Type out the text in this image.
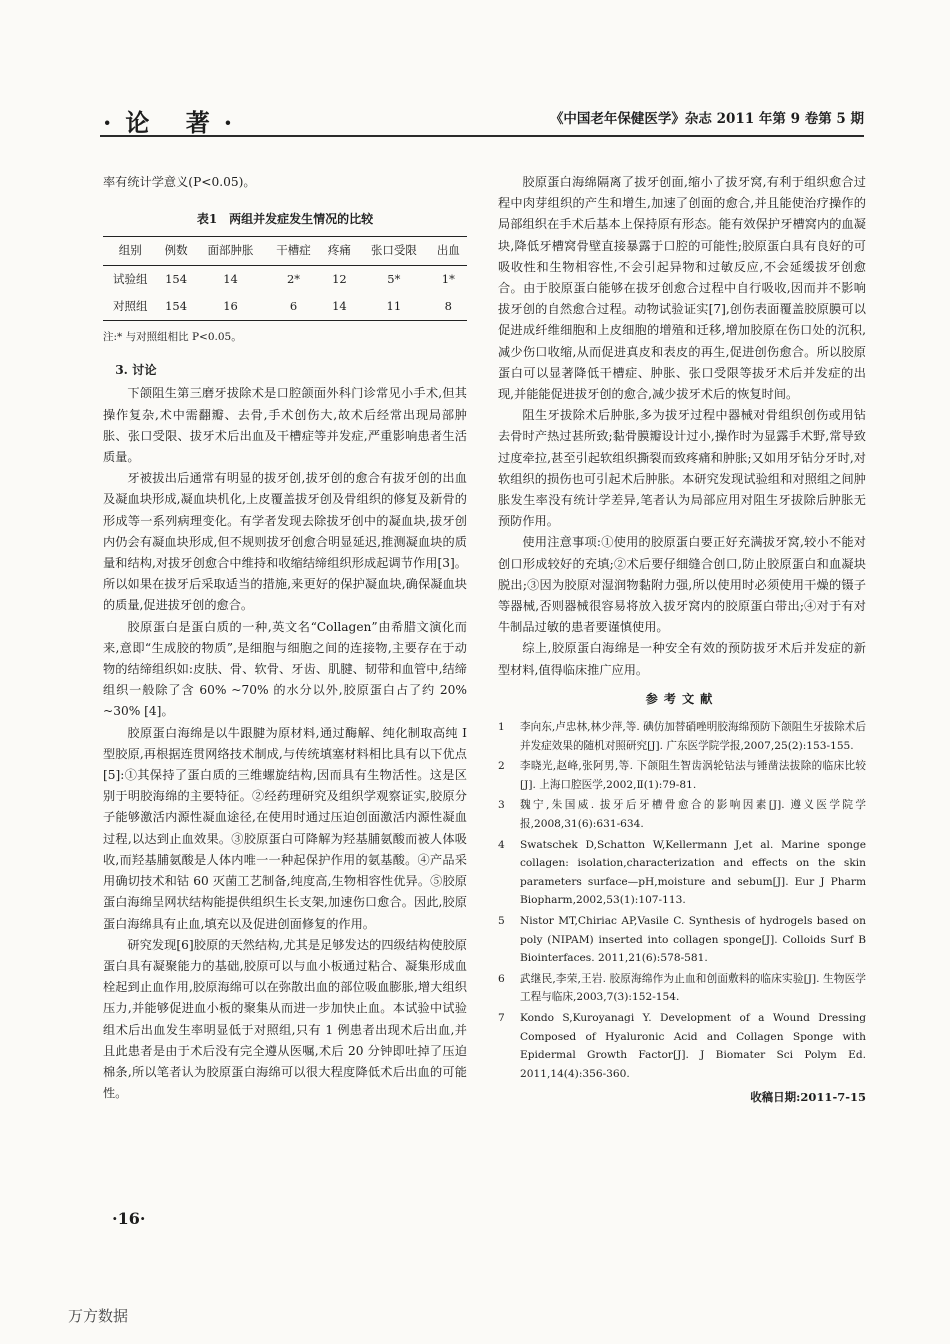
·论 著·	《中国老年保健医学》杂志 2011 年第 9 卷第 5 期

率有统计学意义(P<0.05)。

表1　两组并发症发生情况的比较
组别	例数	面部肿胀	干槽症	疼痛	张口受限	出血
试验组	154	14	2*	12	5*	1*
对照组	154	16	6	14	11	8
注:* 与对照组相比 P<0.05。
3. 讨论

下颌阻生第三磨牙拔除术是口腔颌面外科门诊常见小手术,但其操作复杂,术中需翻瓣、去骨,手术创伤大,故术后经常出现局部肿胀、张口受限、拔牙术后出血及干槽症等并发症,严重影响患者生活质量。

牙被拔出后通常有明显的拔牙创,拔牙创的愈合有拔牙创的出血及凝血块形成,凝血块机化,上皮覆盖拔牙创及骨组织的修复及新骨的形成等一系列病理变化。有学者发现去除拔牙创中的凝血块,拔牙创内仍会有凝血块形成,但不规则拔牙创愈合明显延迟,推测凝血块的质量和结构,对拔牙创愈合中维持和收缩结缔组织形成起调节作用[3]。所以如果在拔牙后采取适当的措施,来更好的保护凝血块,确保凝血块的质量,促进拔牙创的愈合。

胶原蛋白是蛋白质的一种,英文名“Collagen”由希腊文演化而来,意即“生成胶的物质”,是细胞与细胞之间的连接物,主要存在于动物的结缔组织如:皮肤、骨、软骨、牙齿、肌腱、韧带和血管中,结缔组织一般除了含 60% ~70% 的水分以外,胶原蛋白占了约 20% ~30% [4]。

胶原蛋白海绵是以牛跟腱为原材料,通过酶解、纯化制取高纯 I 型胶原,再根据连贯网络技术制成,与传统填塞材料相比具有以下优点[5]:①其保持了蛋白质的三维螺旋结构,因而具有生物活性。这是区别于明胶海绵的主要特征。②经药理研究及组织学观察证实,胶原分子能够激活内源性凝血途径,在使用时通过压迫创面激活内源性凝血过程,以达到止血效果。③胶原蛋白可降解为羟基脯氨酸而被人体吸收,而羟基脯氨酸是人体内唯一一种起保护作用的氨基酸。④产品采用确切技术和钴 60 灭菌工艺制备,纯度高,生物相容性优异。⑤胶原蛋白海绵呈网状结构能提供组织生长支架,加速伤口愈合。因此,胶原蛋白海绵具有止血,填充以及促进创面修复的作用。

研究发现[6]胶原的天然结构,尤其是足够发达的四级结构使胶原蛋白具有凝聚能力的基础,胶原可以与血小板通过粘合、凝集形成血栓起到止血作用,胶原海绵可以在弥散出血的部位吸血膨胀,增大组织压力,并能够促进血小板的聚集从而进一步加快止血。本试验中试验组术后出血发生率明显低于对照组,只有 1 例患者出现术后出血,并且此患者是由于术后没有完全遵从医嘱,术后 20 分钟即吐掉了压迫棉条,所以笔者认为胶原蛋白海绵可以很大程度降低术后出血的可能性。

胶原蛋白海绵隔离了拔牙创面,缩小了拔牙窝,有利于组织愈合过程中肉芽组织的产生和增生,加速了创面的愈合,并且能使治疗操作的局部组织在手术后基本上保持原有形态。能有效保护牙槽窝内的血凝块,降低牙槽窝骨壁直接暴露于口腔的可能性;胶原蛋白具有良好的可吸收性和生物相容性,不会引起异物和过敏反应,不会延缓拔牙创愈合。由于胶原蛋白能够在拔牙创愈合过程中自行吸收,因而并不影响拔牙创的自然愈合过程。动物试验证实[7],创伤表面覆盖胶原膜可以促进成纤维细胞和上皮细胞的增殖和迁移,增加胶原在伤口处的沉积,减少伤口收缩,从而促进真皮和表皮的再生,促进创伤愈合。所以胶原蛋白可以显著降低干槽症、肿胀、张口受限等拔牙术后并发症的出现,并能能促进拔牙创的愈合,减少拔牙术后的恢复时间。

阻生牙拔除术后肿胀,多为拔牙过程中器械对骨组织创伤或用钻去骨时产热过甚所致;黏骨膜瓣设计过小,操作时为显露手术野,常导致过度牵拉,甚至引起软组织撕裂而致疼痛和肿胀;又如用牙钻分牙时,对软组织的损伤也可引起术后肿胀。本研究发现试验组和对照组之间肿胀发生率没有统计学差异,笔者认为局部应用对阻生牙拔除后肿胀无预防作用。

使用注意事项:①使用的胶原蛋白要正好充满拔牙窝,较小不能对创口形成较好的充填;②术后要仔细缝合创口,防止胶原蛋白和血凝块脱出;③因为胶原对湿润物黏附力强,所以使用时必须使用干燥的镊子等器械,否则器械很容易将放入拔牙窝内的胶原蛋白带出;④对于有对牛制品过敏的患者要谨慎使用。

综上,胶原蛋白海绵是一种安全有效的预防拔牙术后并发症的新型材料,值得临床推广应用。

参考文献
1	李向东,卢忠林,林少萍,等. 碘仿加替硝唑明胶海绵预防下颌阻生牙拔除术后并发症效果的随机对照研究[J]. 广东医学院学报,2007,25(2):153-155.
2	李晓光,赵峰,张阿男,等. 下颌阻生智齿涡轮钻法与锤凿法拔除的临床比较[J]. 上海口腔医学,2002,Ⅱ(1):79-81.
3	魏宁,朱国威. 拔牙后牙槽骨愈合的影响因素[J]. 遵义医学院学报,2008,31(6):631-634.
4	Swatschek D,Schatton W,Kellermann J,et al. Marine sponge collagen: isolation,characterization and effects on the skin parameters surface—pH,moisture and sebum[J]. Eur J Pharm Biopharm,2002,53(1):107-113.
5	Nistor MT,Chiriac AP,Vasile C. Synthesis of hydrogels based on poly (NIPAM) inserted into collagen sponge[J]. Colloids Surf B Biointerfaces. 2011,21(6):578-581.
6	武继民,李荣,王岩. 胶原海绵作为止血和创面敷料的临床实验[J]. 生物医学工程与临床,2003,7(3):152-154.
7	Kondo S,Kuroyanagi Y. Development of a Wound Dressing Composed of Hyaluronic Acid and Collagen Sponge with Epidermal Growth Factor[J]. J Biomater Sci Polym Ed. 2011,14(4):356-360.
收稿日期:2011-7-15

·16·

万方数据
